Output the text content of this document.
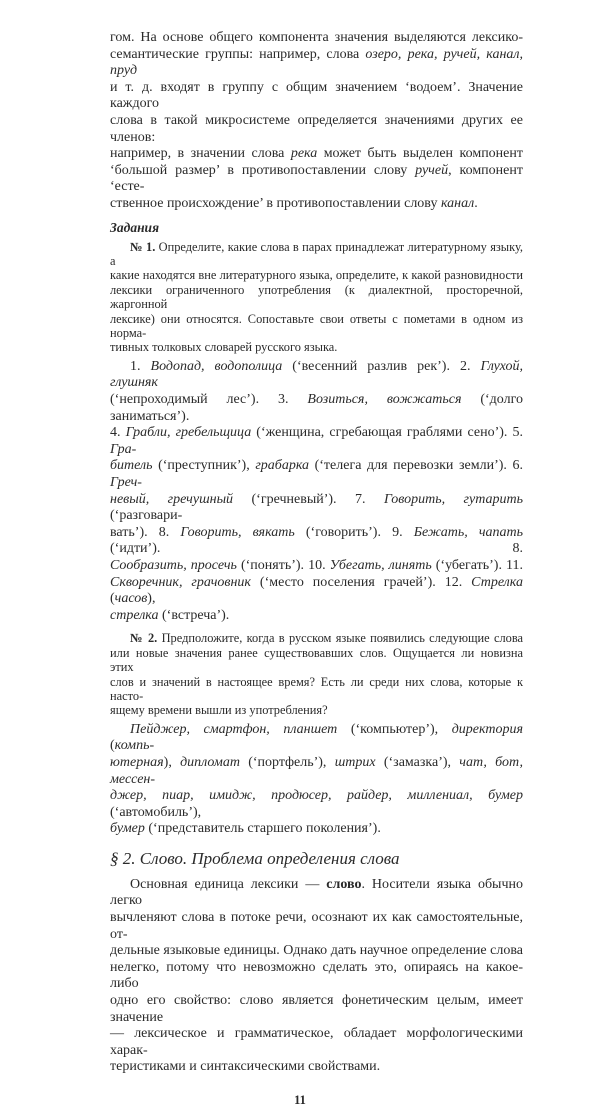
гом. На основе общего компонента значения выделяются лексико-
семантические группы: например, слова озеро, река, ручей, канал, пруд
и т. д. входят в группу с общим значением ‘водоем’. Значение каждого
слова в такой микросистеме определяется значениями других ее членов:
например, в значении слова река может быть выделен компонент
‘большой размер’ в противопоставлении слову ручей, компонент ‘есте-
ственное происхождение’ в противопоставлении слову канал.
Задания
№ 1. Определите, какие слова в парах принадлежат литературному языку, а
какие находятся вне литературного языка, определите, к какой разновидности
лексики ограниченного употребления (к диалектной, просторечной, жаргонной
лексике) они относятся. Сопоставьте свои ответы с пометами в одном из норма-
тивных толковых словарей русского языка.
1. Водопад, водополица (‘весенний разлив рек’). 2. Глухой, глушняк
(‘непроходимый лес’). 3. Возиться, вожжаться (‘долго заниматься’).
4. Грабли, гребельщица (‘женщина, сгребающая граблями сено’). 5. Гра-
битель (‘преступник’), грабарка (‘телега для перевозки земли’). 6. Греч-
невый, гречушный (‘гречневый’). 7. Говорить, гутарить (‘разговари-
вать’). 8. Говорить, вякать (‘говорить’). 9. Бежать, чапать (‘идти’). 8.
Сообразить, просечь (‘понять’). 10. Убегать, линять (‘убегать’). 11.
Скворечник, грачовник (‘место поселения грачей’). 12. Стрелка (часов),
стрелка (‘встреча’).
№ 2. Предположите, когда в русском языке появились следующие слова
или новые значения ранее существовавших слов. Ощущается ли новизна этих
слов и значений в настоящее время? Есть ли среди них слова, которые к насто-
ящему времени вышли из употребления?
Пейджер, смартфон, планшет (‘компьютер’), директория (компь-
ютерная), дипломат (‘портфель’), штрих (‘замазка’), чат, бот, мессен-
джер, пиар, имидж, продюсер, райдер, миллениал, бумер (‘автомобиль’),
бумер (‘представитель старшего поколения’).
§ 2. Слово. Проблема определения слова
Основная единица лексики — слово. Носители языка обычно легко
вычленяют слова в потоке речи, осознают их как самостоятельные, от-
дельные языковые единицы. Однако дать научное определение слова
нелегко, потому что невозможно сделать это, опираясь на какое-либо
одно его свойство: слово является фонетическим целым, имеет значение
— лексическое и грамматическое, обладает морфологическими харак-
теристиками и синтаксическими свойствами.
11
